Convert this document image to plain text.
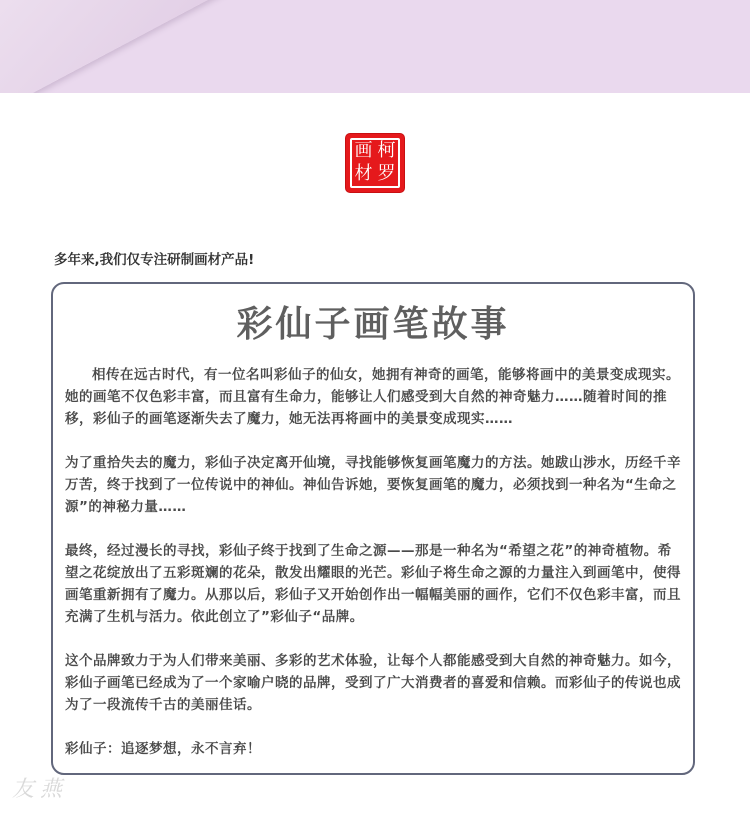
柯
罗
画
材
多年来,我们仅专注研制画材产品!
彩仙子画笔故事

相传在远古时代，有一位名叫彩仙子的仙女，她拥有神奇的画笔，能够将画中的美景变成现实。她的画笔不仅色彩丰富，而且富有生命力，能够让人们感受到大自然的神奇魅力……随着时间的推移，彩仙子的画笔逐渐失去了魔力，她无法再将画中的美景变成现实……

为了重拾失去的魔力，彩仙子决定离开仙境，寻找能够恢复画笔魔力的方法。她跋山涉水，历经千辛万苦，终于找到了一位传说中的神仙。神仙告诉她，要恢复画笔的魔力，必须找到一种名为“生命之源”的神秘力量……

最终，经过漫长的寻找，彩仙子终于找到了生命之源——那是一种名为“希望之花”的神奇植物。希望之花绽放出了五彩斑斓的花朵，散发出耀眼的光芒。彩仙子将生命之源的力量注入到画笔中，使得画笔重新拥有了魔力。从那以后，彩仙子又开始创作出一幅幅美丽的画作，它们不仅色彩丰富，而且充满了生机与活力。依此创立了”彩仙子“品牌。

这个品牌致力于为人们带来美丽、多彩的艺术体验，让每个人都能感受到大自然的神奇魅力。如今，彩仙子画笔已经成为了一个家喻户晓的品牌，受到了广大消费者的喜爱和信赖。而彩仙子的传说也成为了一段流传千古的美丽佳话。

彩仙子：追逐梦想，永不言弃！

友燕
